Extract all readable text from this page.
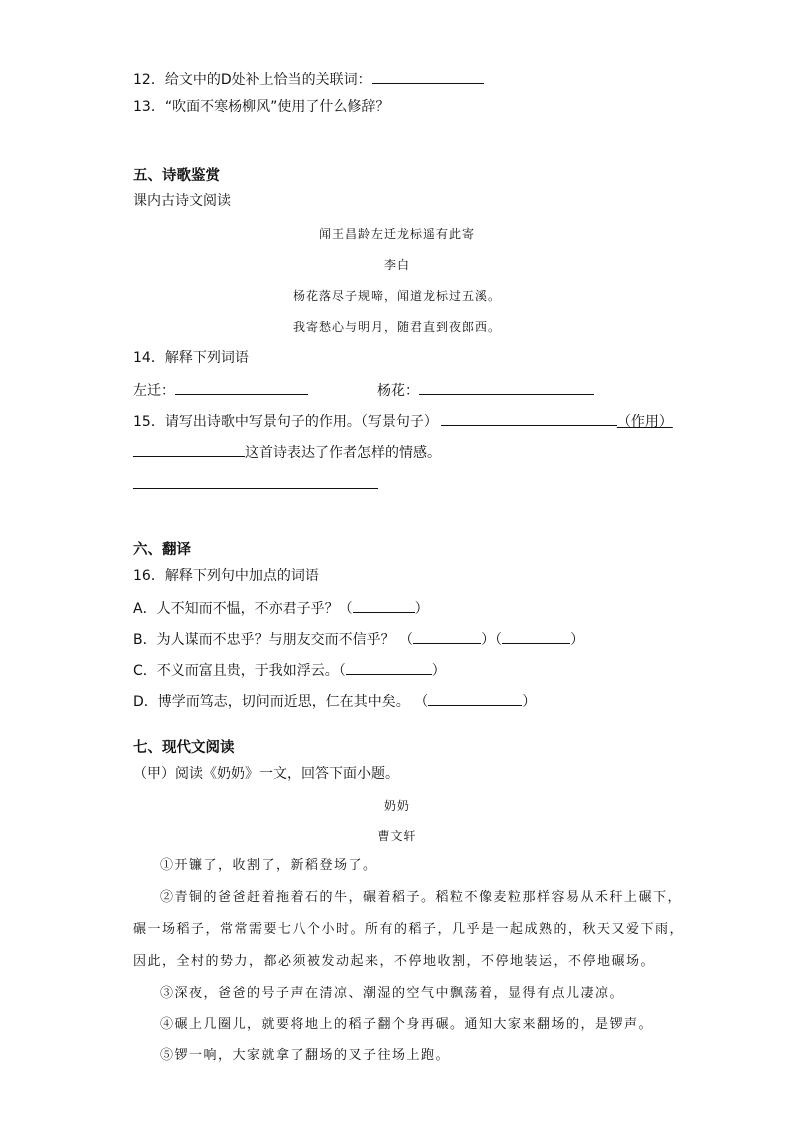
12．给文中的D处补上恰当的关联词：
13．“吹面不寒杨柳风”使用了什么修辞？
五、诗歌鉴赏
课内古诗文阅读
闻王昌龄左迁龙标遥有此寄
李白
杨花落尽子规啼，闻道龙标过五溪。
我寄愁心与明月，随君直到夜郎西。
14．解释下列词语
左迁：	杨花：
15．请写出诗歌中写景句子的作用。（写景句子）	（作用）
这首诗表达了作者怎样的情感。
六、翻译
16．解释下列句中加点的词语
A．人不知而不愠，不亦君子乎？（	）
B．为人谋而不忠乎？与朋友交而不信乎？ （	）（	）
C．不义而富且贵，于我如浮云。（	）
D．博学而笃志，切问而近思，仁在其中矣。 （	）
七、现代文阅读
（甲）阅读《奶奶》一文，回答下面小题。
奶奶
曹文轩
①开镰了，收割了，新稻登场了。
②青铜的爸爸赶着拖着石的牛，碾着稻子。稻粒不像麦粒那样容易从禾秆上碾下，
碾一场稻子，常常需要七八个小时。所有的稻子，几乎是一起成熟的，秋天又爱下雨，
因此，全村的势力，都必须被发动起来，不停地收割，不停地装运，不停地碾场。
③深夜，爸爸的号子声在清凉、潮湿的空气中飘荡着，显得有点儿凄凉。
④碾上几圈儿，就要将地上的稻子翻个身再碾。通知大家来翻场的，是锣声。
⑤锣一响，大家就拿了翻场的叉子往场上跑。
